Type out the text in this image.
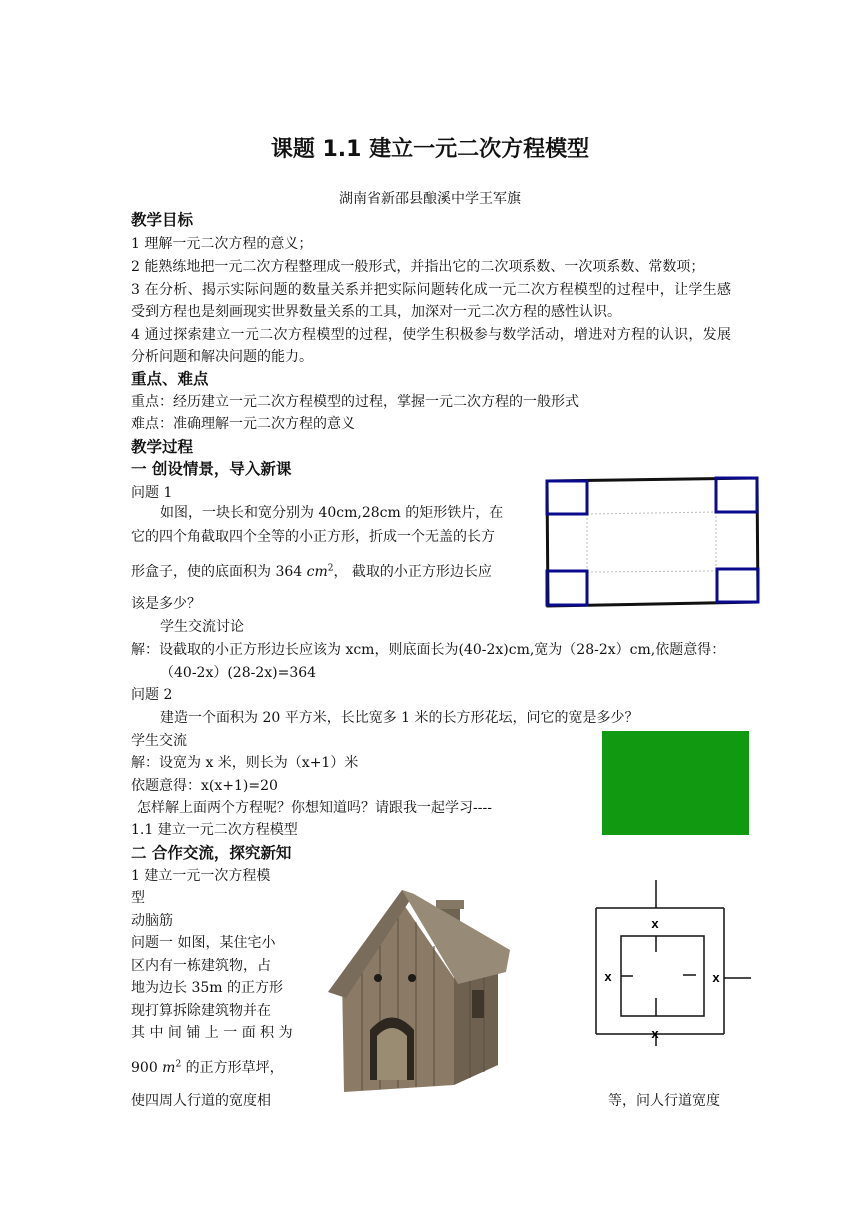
课题 1.1 建立一元二次方程模型
湖南省新邵县酿溪中学王军旗
教学目标
1 理解一元二次方程的意义；
2 能熟练地把一元二次方程整理成一般形式，并指出它的二次项系数、一次项系数、常数项；
3 在分析、揭示实际问题的数量关系并把实际问题转化成一元二次方程模型的过程中，让学生感受到方程也是刻画现实世界数量关系的工具，加深对一元二次方程的感性认识。
4 通过探索建立一元二次方程模型的过程，使学生积极参与数学活动，增进对方程的认识，发展分析问题和解决问题的能力。
重点、难点
重点：经历建立一元二次方程模型的过程，掌握一元二次方程的一般形式
难点：准确理解一元二次方程的意义
教学过程
一 创设情景，导入新课
问题 1
如图，一块长和宽分别为 40cm,28cm 的矩形铁片，在
它的四个角截取四个全等的小正方形，折成一个无盖的长方
形盒子，使的底面积为 364 $cm^2$， 截取的小正方形边长应
该是多少？
学生交流讨论
解：设截取的小正方形边长应该为 xcm，则底面长为(40-2x)cm,宽为（28-2x）cm,依题意得：
（40-2x）(28-2x)=364
问题 2
建造一个面积为 20 平方米，长比宽多 1 米的长方形花坛，问它的宽是多少？
学生交流
解：设宽为 x 米，则长为（x+1）米
依题意得：x(x+1)=20
怎样解上面两个方程呢？你想知道吗？请跟我一起学习----
1.1 建立一元二次方程模型
二 合作交流，探究新知
1 建立一元一次方程模
型
动脑筋
问题一 如图，某住宅小
区内有一栋建筑物，占
地为边长 35m 的正方形
现打算拆除建筑物并在
其 中 间 铺 上 一 面 积 为
900 $m^2$ 的正方形草坪，
使四周人行道的宽度相	等，问人行道宽度
x
x	x
x
